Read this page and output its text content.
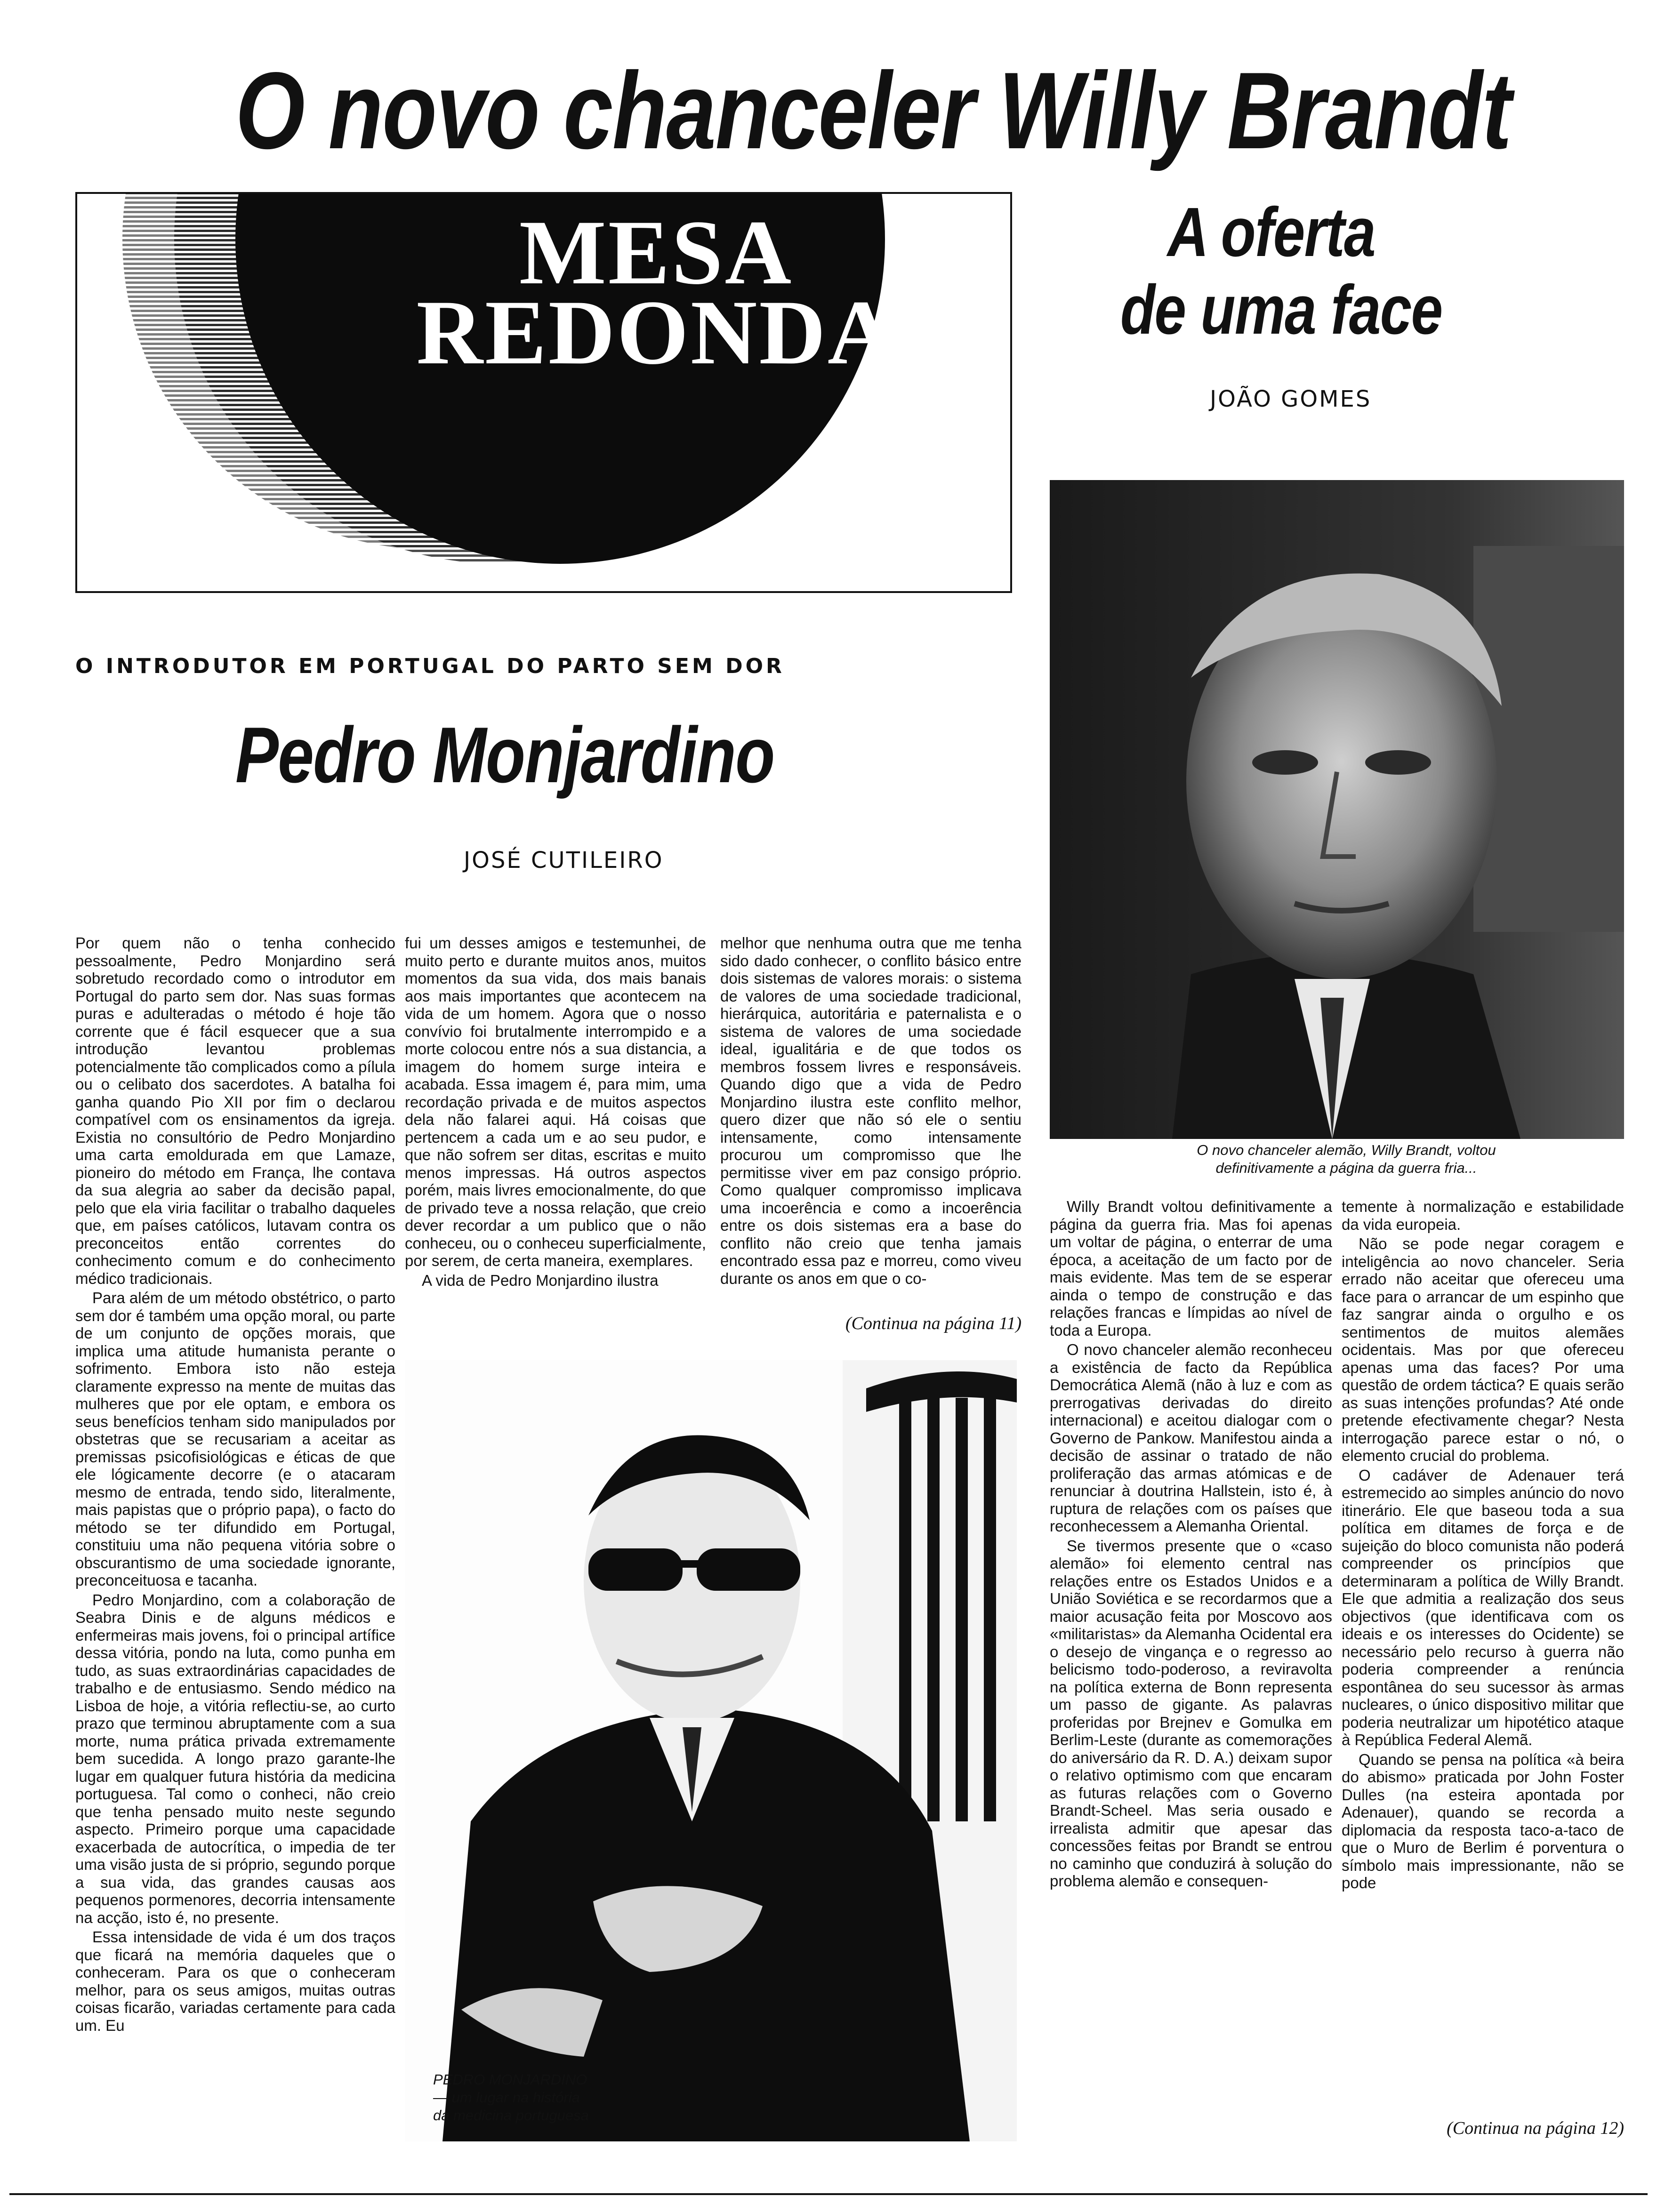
O novo chanceler Willy Brandt
MESA
REDONDA
A oferta
de uma face
JOÃO GOMES
O novo chanceler alemão, Willy Brandt, voltou
definitivamente a página da guerra fria...
O INTRODUTOR EM PORTUGAL DO PARTO SEM DOR
Pedro Monjardino
JOSÉ CUTILEIRO

Por quem não o tenha conhecido pessoalmente, Pedro Monjardino será sobretudo recordado como o introdutor em Portugal do parto sem dor. Nas suas formas puras e adulteradas o método é hoje tão corrente que é fácil esquecer que a sua introdução levantou problemas potencialmente tão complicados como a pílula ou o celibato dos sacerdotes. A batalha foi ganha quando Pio XII por fim o declarou compatível com os ensinamentos da igreja. Existia no consultório de Pedro Monjardino uma carta emoldurada em que Lamaze, pioneiro do método em França, lhe contava da sua alegria ao saber da decisão papal, pelo que ela viria facilitar o trabalho daqueles que, em países católicos, lutavam contra os preconceitos então correntes do conhecimento comum e do conhecimento médico tradicionais.

Para além de um método obstétrico, o parto sem dor é também uma opção moral, ou parte de um conjunto de opções morais, que implica uma atitude humanista perante o sofrimento. Embora isto não esteja claramente expresso na mente de muitas das mulheres que por ele optam, e embora os seus benefícios tenham sido manipulados por obstetras que se recusariam a aceitar as premissas psicofisiológicas e éticas de que ele lógicamente decorre (e o atacaram mesmo de entrada, tendo sido, literalmente, mais papistas que o próprio papa), o facto do método se ter difundido em Portugal, constituiu uma não pequena vitória sobre o obscurantismo de uma sociedade ignorante, preconceituosa e tacanha.

Pedro Monjardino, com a colaboração de Seabra Dinis e de alguns médicos e enfermeiras mais jovens, foi o principal artífice dessa vitória, pondo na luta, como punha em tudo, as suas extraordinárias capacidades de trabalho e de entusiasmo. Sendo médico na Lisboa de hoje, a vitória reflectiu-se, ao curto prazo que terminou abruptamente com a sua morte, numa prática privada extremamente bem sucedida. A longo prazo garante-lhe lugar em qualquer futura história da medicina portuguesa. Tal como o conheci, não creio que tenha pensado muito neste segundo aspecto. Primeiro porque uma capacidade exacerbada de autocrítica, o impedia de ter uma visão justa de si próprio, segundo porque a sua vida, das grandes causas aos pequenos pormenores, decorria intensamente na acção, isto é, no presente.

Essa intensidade de vida é um dos traços que ficará na memória daqueles que o conheceram. Para os que o conheceram melhor, para os seus amigos, muitas outras coisas ficarão, variadas certamente para cada um. Eu

fui um desses amigos e testemunhei, de muito perto e durante muitos anos, muitos momentos da sua vida, dos mais banais aos mais importantes que acontecem na vida de um homem. Agora que o nosso convívio foi brutalmente interrompido e a morte colocou entre nós a sua distancia, a imagem do homem surge inteira e acabada. Essa imagem é, para mim, uma recordação privada e de muitos aspectos dela não falarei aqui. Há coisas que pertencem a cada um e ao seu pudor, e que não sofrem ser ditas, escritas e muito menos impressas. Há outros aspectos porém, mais livres emocionalmente, do que de privado teve a nossa relação, que creio dever recordar a um publico que o não conheceu, ou o conheceu superficialmente, por serem, de certa maneira, exemplares.

A vida de Pedro Monjardino ilustra

melhor que nenhuma outra que me tenha sido dado conhecer, o conflito básico entre dois sistemas de valores morais: o sistema de valores de uma sociedade tradicional, hierárquica, autoritária e paternalista e o sistema de valores de uma sociedade ideal, igualitária e de que todos os membros fossem livres e responsáveis. Quando digo que a vida de Pedro Monjardino ilustra este conflito melhor, quero dizer que não só ele o sentiu intensamente, como intensamente procurou um compromisso que lhe permitisse viver em paz consigo próprio. Como qualquer compromisso implicava uma incoerência e como a incoerência entre os dois sistemas era a base do conflito não creio que tenha jamais encontrado essa paz e morreu, como viveu durante os anos em que o co-

(Continua na página 11)
PEDRO MONJARDINO
— um lugar na história
da medicina portuguesa

Willy Brandt voltou definitivamente a página da guerra fria. Mas foi apenas um voltar de página, o enterrar de uma época, a aceitação de um facto por de mais evidente. Mas tem de se esperar ainda o tempo de construção e das relações francas e límpidas ao nível de toda a Europa.

O novo chanceler alemão reconheceu a existência de facto da República Democrática Alemã (não à luz e com as prerrogativas derivadas do direito internacional) e aceitou dialogar com o Governo de Pankow. Manifestou ainda a decisão de assinar o tratado de não proliferação das armas atómicas e de renunciar à doutrina Hallstein, isto é, à ruptura de relações com os países que reconhecessem a Alemanha Oriental.

Se tivermos presente que o «caso alemão» foi elemento central nas relações entre os Estados Unidos e a União Soviética e se recordarmos que a maior acusação feita por Moscovo aos «militaristas» da Alemanha Ocidental era o desejo de vingança e o regresso ao belicismo todo-poderoso, a reviravolta na política externa de Bonn representa um passo de gigante. As palavras proferidas por Brejnev e Gomulka em Berlim-Leste (durante as comemorações do aniversário da R. D. A.) deixam supor o relativo optimismo com que encaram as futuras relações com o Governo Brandt-Scheel. Mas seria ousado e irrealista admitir que apesar das concessões feitas por Brandt se entrou no caminho que conduzirá à solução do problema alemão e consequen-

temente à normalização e estabilidade da vida europeia.

Não se pode negar coragem e inteligência ao novo chanceler. Seria errado não aceitar que ofereceu uma face para o arrancar de um espinho que faz sangrar ainda o orgulho e os sentimentos de muitos alemães ocidentais. Mas por que ofereceu apenas uma das faces? Por uma questão de ordem táctica? E quais serão as suas intenções profundas? Até onde pretende efectivamente chegar? Nesta interrogação parece estar o nó, o elemento crucial do problema.

O cadáver de Adenauer terá estremecido ao simples anúncio do novo itinerário. Ele que baseou toda a sua política em ditames de força e de sujeição do bloco comunista não poderá compreender os princípios que determinaram a política de Willy Brandt. Ele que admitia a realização dos seus objectivos (que identificava com os ideais e os interesses do Ocidente) se necessário pelo recurso à guerra não poderia compreender a renúncia espontânea do seu sucessor às armas nucleares, o único dispositivo militar que poderia neutralizar um hipotético ataque à República Federal Alemã.

Quando se pensa na política «à beira do abismo» praticada por John Foster Dulles (na esteira apontada por Adenauer), quando se recorda a diplomacia da resposta taco-a-taco de que o Muro de Berlim é porventura o símbolo mais impressionante, não se pode

(Continua na página 12)
